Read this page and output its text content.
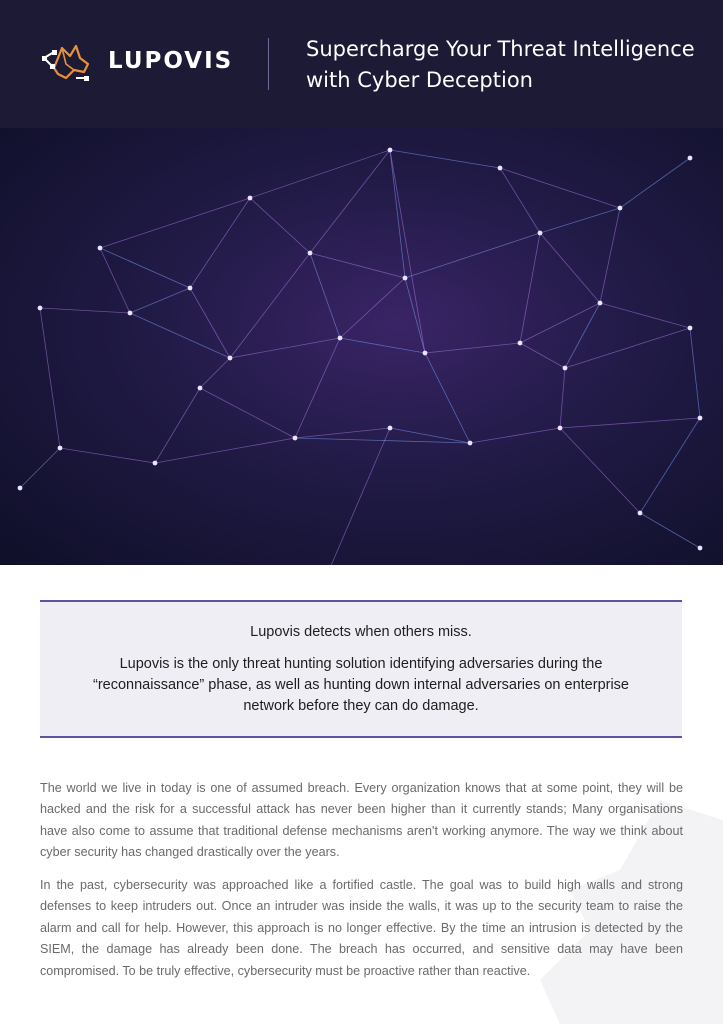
LUPOVIS	Supercharge Your Threat Intelligence with Cyber Deception
Lupovis detects when others miss.
Lupovis is the only threat hunting solution identifying adversaries during the “reconnaissance” phase, as well as hunting down internal adversaries on enterprise network before they can do damage.

The world we live in today is one of assumed breach. Every organization knows that at some point, they will be hacked and the risk for a successful attack has never been higher than it currently stands; Many organisations have also come to assume that traditional defense mechanisms aren't working anymore. The way we think about cyber security has changed drastically over the years.

In the past, cybersecurity was approached like a fortified castle. The goal was to build high walls and strong defenses to keep intruders out. Once an intruder was inside the walls, it was up to the security team to raise the alarm and call for help. However, this approach is no longer effective. By the time an intrusion is detected by the SIEM, the damage has already been done. The breach has occurred, and sensitive data may have been compromised. To be truly effective, cybersecurity must be proactive rather than reactive.
